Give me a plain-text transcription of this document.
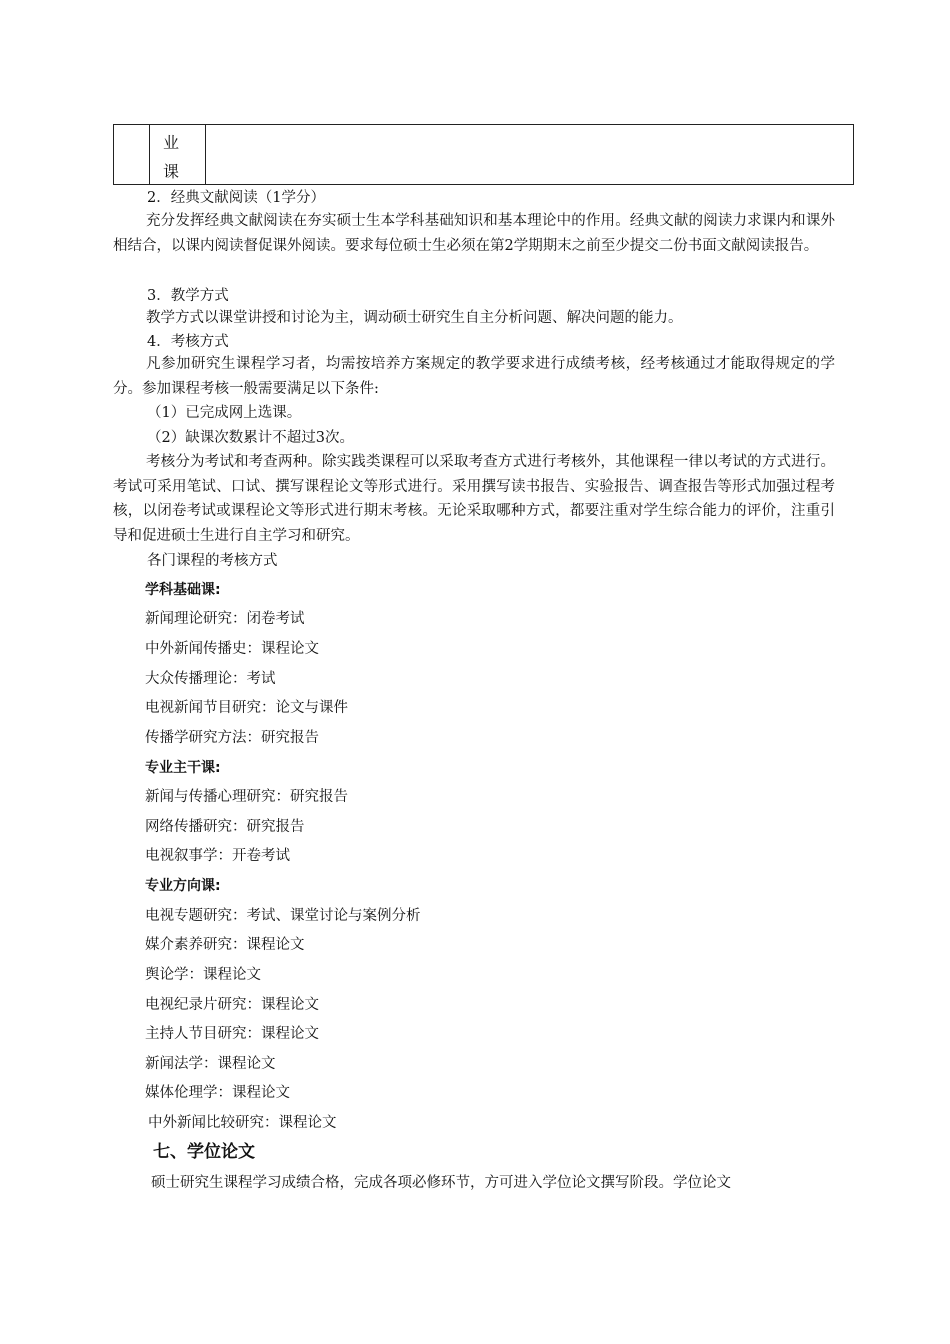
业
课
2．经典文献阅读（1学分）
充分发挥经典文献阅读在夯实硕士生本学科基础知识和基本理论中的作用。经典文献的阅读力求课内和课外相结合，以课内阅读督促课外阅读。要求每位硕士生必须在第2学期期末之前至少提交二份书面文献阅读报告。
3．教学方式
教学方式以课堂讲授和讨论为主，调动硕士研究生自主分析问题、解决问题的能力。
4．考核方式
凡参加研究生课程学习者，均需按培养方案规定的教学要求进行成绩考核，经考核通过才能取得规定的学分。参加课程考核一般需要满足以下条件:
（1）已完成网上选课。
（2）缺课次数累计不超过3次。
考核分为考试和考查两种。除实践类课程可以采取考查方式进行考核外，其他课程一律以考试的方式进行。考试可采用笔试、口试、撰写课程论文等形式进行。采用撰写读书报告、实验报告、调查报告等形式加强过程考核，以闭卷考试或课程论文等形式进行期末考核。无论采取哪种方式，都要注重对学生综合能力的评价，注重引导和促进硕士生进行自主学习和研究。
各门课程的考核方式
学科基础课:
新闻理论研究：闭卷考试
中外新闻传播史：课程论文
大众传播理论：考试
电视新闻节目研究：论文与课件
传播学研究方法：研究报告
专业主干课:
新闻与传播心理研究：研究报告
网络传播研究：研究报告
电视叙事学：开卷考试
专业方向课:
电视专题研究：考试、课堂讨论与案例分析
媒介素养研究：课程论文
舆论学：课程论文
电视纪录片研究：课程论文
主持人节目研究：课程论文
新闻法学：课程论文
媒体伦理学：课程论文
中外新闻比较研究：课程论文
七、学位论文
硕士研究生课程学习成绩合格，完成各项必修环节，方可进入学位论文撰写阶段。学位论文
